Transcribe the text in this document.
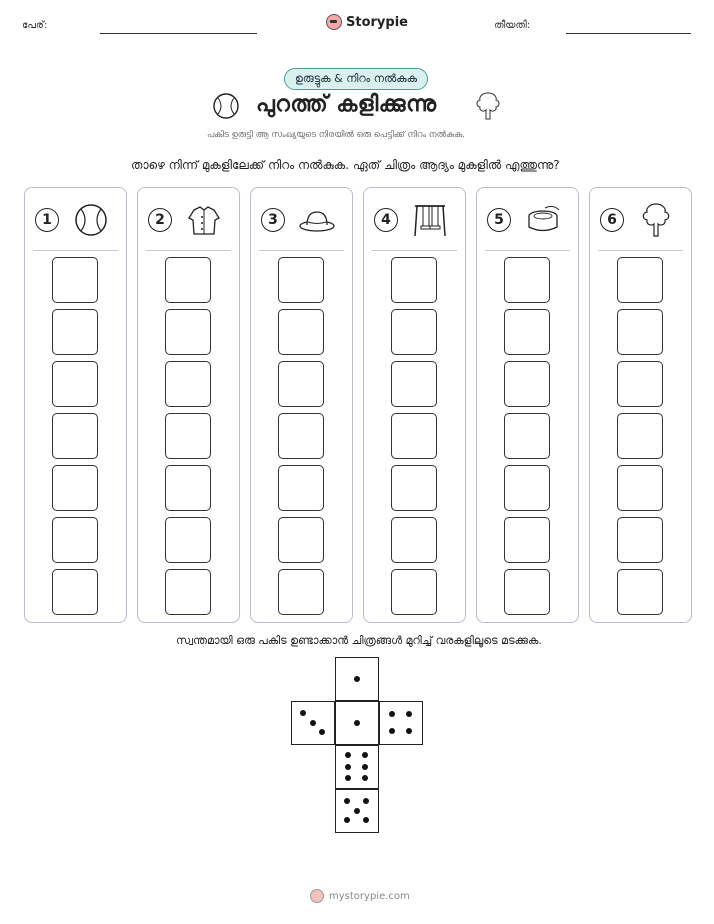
പേര്:	Storypie	തീയതി:
ഉരുട്ടുക & നിറം നൽകുക
പുറത്ത് കളിക്കുന്നു
പകിട ഉരുട്ടി ആ സംഖ്യയുടെ നിരയിൽ ഒരു പെട്ടിക്ക് നിറം നൽകുക.
താഴെ നിന്ന് മുകളിലേക്ക് നിറം നൽകുക. ഏത് ചിത്രം ആദ്യം മുകളിൽ എത്തുന്നു?
1	2	3	4	5	6
സ്വന്തമായി ഒരു പകിട ഉണ്ടാക്കാൻ ചിത്രങ്ങൾ മുറിച്ച് വരകളിലൂടെ മടക്കുക.
mystorypie.com
